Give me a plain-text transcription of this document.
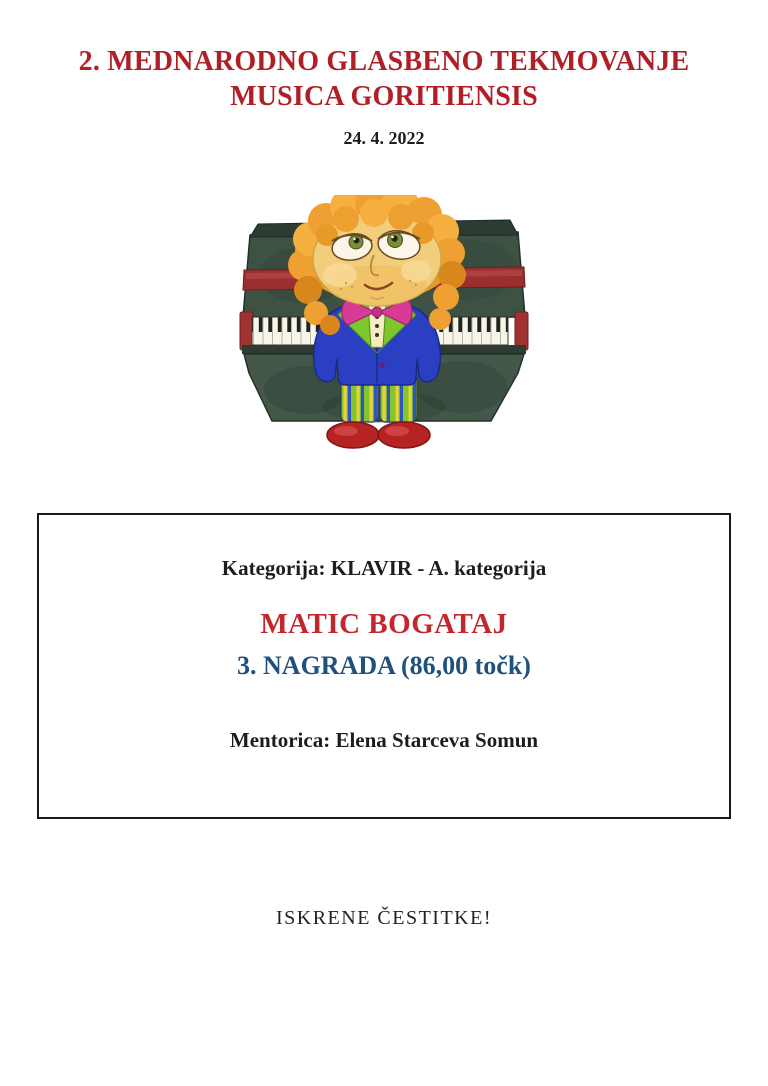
2. MEDNARODNO GLASBENO TEKMOVANJE
MUSICA GORITIENSIS
24. 4. 2022

Kategorija: KLAVIR - A. kategorija

MATIC BOGATAJ

3. NAGRADA (86,00 točk)

Mentorica: Elena Starceva Somun

ISKRENE ČESTITKE!
